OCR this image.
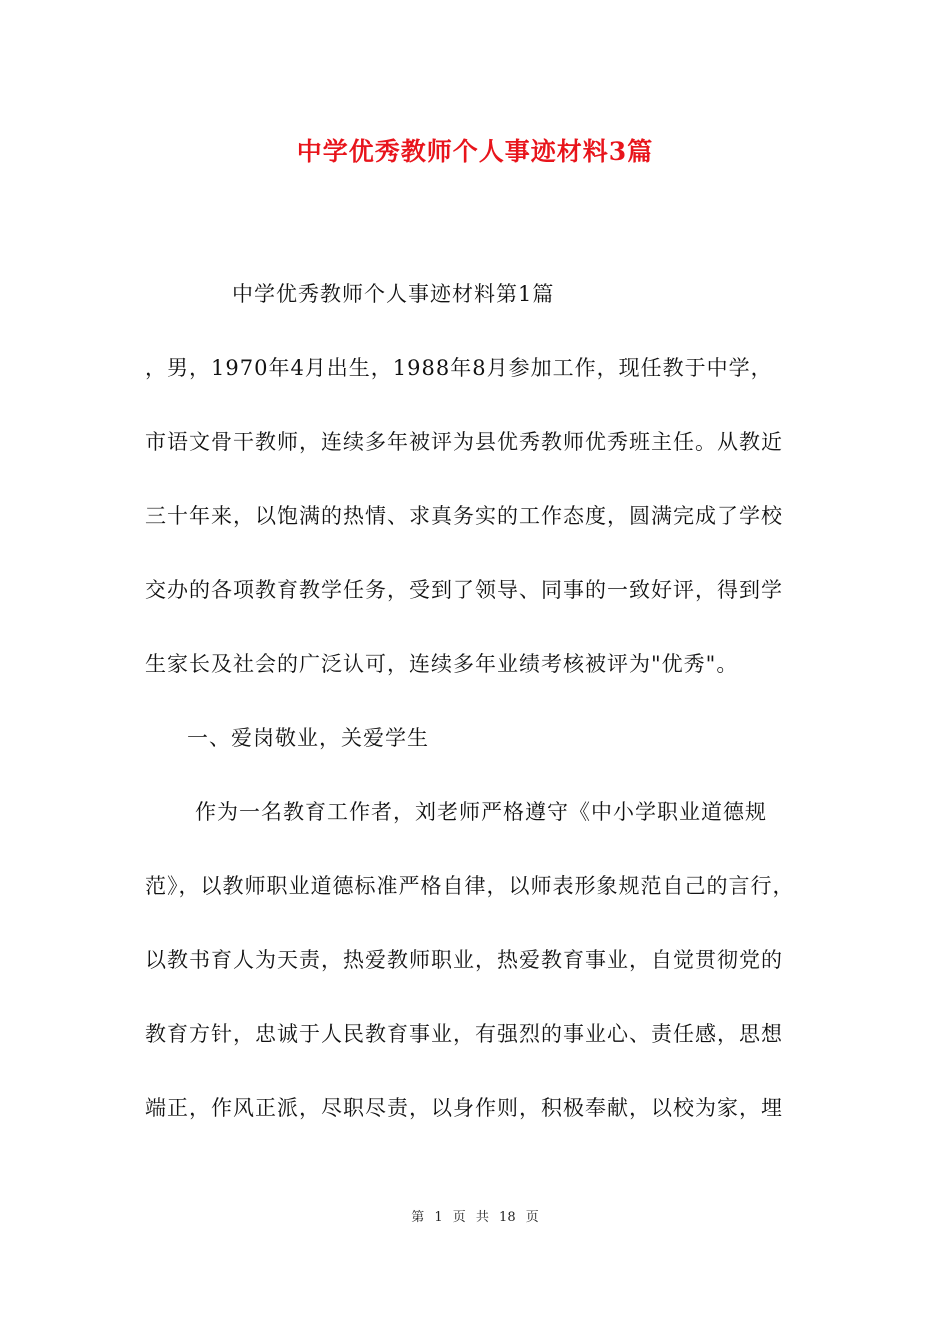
中学优秀教师个人事迹材料3篇

中学优秀教师个人事迹材料第1篇

，男，1970年4月出生，1988年8月参加工作，现任教于中学，

市语文骨干教师，连续多年被评为县优秀教师优秀班主任。从教近

三十年来，以饱满的热情、求真务实的工作态度，圆满完成了学校

交办的各项教育教学任务，受到了领导、同事的一致好评，得到学

生家长及社会的广泛认可，连续多年业绩考核被评为"优秀"。

一、爱岗敬业，关爱学生

作为一名教育工作者，刘老师严格遵守《中小学职业道德规

范》，以教师职业道德标准严格自律，以师表形象规范自己的言行，

以教书育人为天责，热爱教师职业，热爱教育事业，自觉贯彻党的

教育方针，忠诚于人民教育事业，有强烈的事业心、责任感，思想

端正，作风正派，尽职尽责，以身作则，积极奉献，以校为家，埋

第 1 页 共 18 页
